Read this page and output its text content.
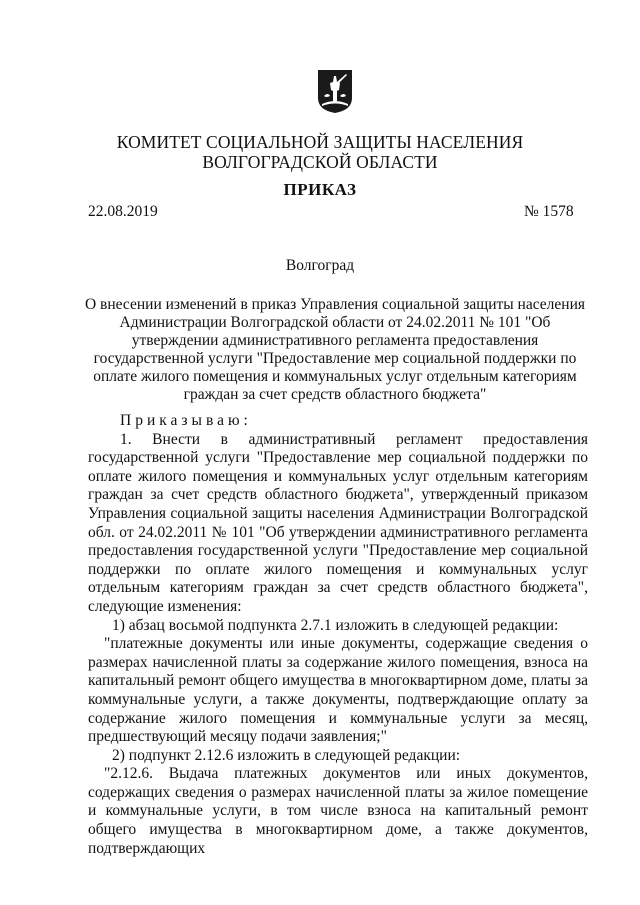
КОМИТЕТ СОЦИАЛЬНОЙ ЗАЩИТЫ НАСЕЛЕНИЯ
ВОЛГОГРАДСКОЙ ОБЛАСТИ
ПРИКАЗ
22.08.2019	№ 1578
Волгоград
О внесении изменений в приказ Управления социальной защиты населения
Администрации Волгоградской области от 24.02.2011 № 101 "Об
утверждении административного регламента предоставления
государственной услуги "Предоставление мер социальной поддержки по
оплате жилого помещения и коммунальных услуг отдельным категориям
граждан за счет средств областного бюджета"

Приказываю:

1. Внести в административный регламент предоставления государственной услуги "Предоставление мер социальной поддержки по оплате жилого помещения и коммунальных услуг отдельным категориям граждан за счет средств областного бюджета", утвержденный приказом Управления социальной защиты населения Администрации Волгоградской обл. от 24.02.2011 № 101 "Об утверждении административного регламента предоставления государственной услуги "Предоставление мер социальной поддержки по оплате жилого помещения и коммунальных услуг отдельным категориям граждан за счет средств областного бюджета", следующие изменения:

1) абзац восьмой подпункта 2.7.1 изложить в следующей редакции:

"платежные документы или иные документы, содержащие сведения о размерах начисленной платы за содержание жилого помещения, взноса на капитальный ремонт общего имущества в многоквартирном доме, платы за коммунальные услуги, а также документы, подтверждающие оплату за содержание жилого помещения и коммунальные услуги за месяц, предшествующий месяцу подачи заявления;"

2) подпункт 2.12.6 изложить в следующей редакции:

"2.12.6. Выдача платежных документов или иных документов, содержащих сведения о размерах начисленной платы за жилое помещение и коммунальные услуги, в том числе взноса на капитальный ремонт общего имущества в многоквартирном доме, а также документов, подтверждающих
